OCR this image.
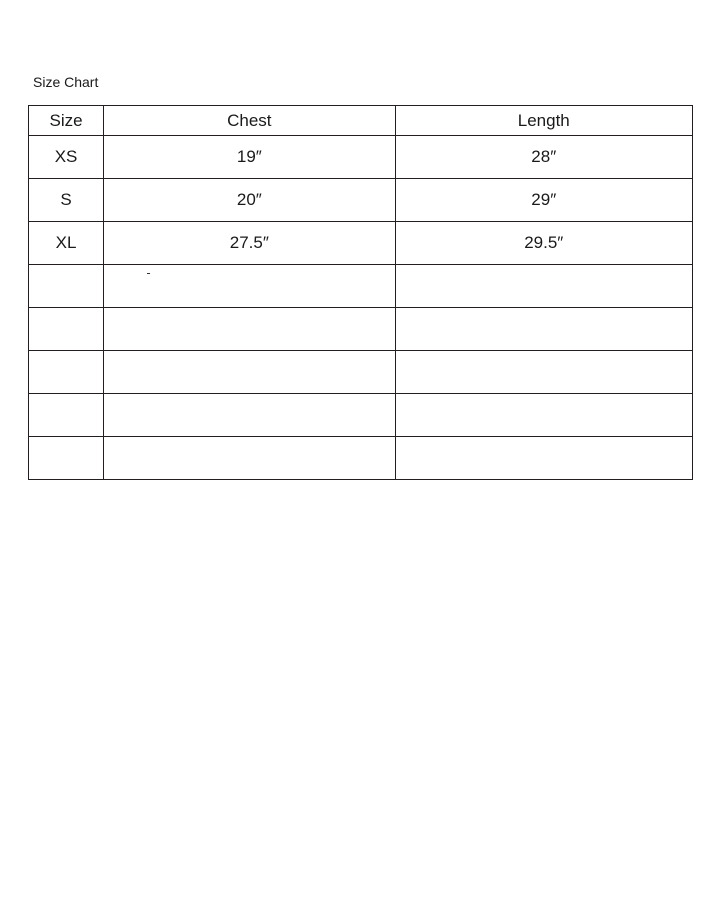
Size Chart
Size	Chest	Length
XS	19″	28″
S	20″	29″
XL	27.5″	29.5″
